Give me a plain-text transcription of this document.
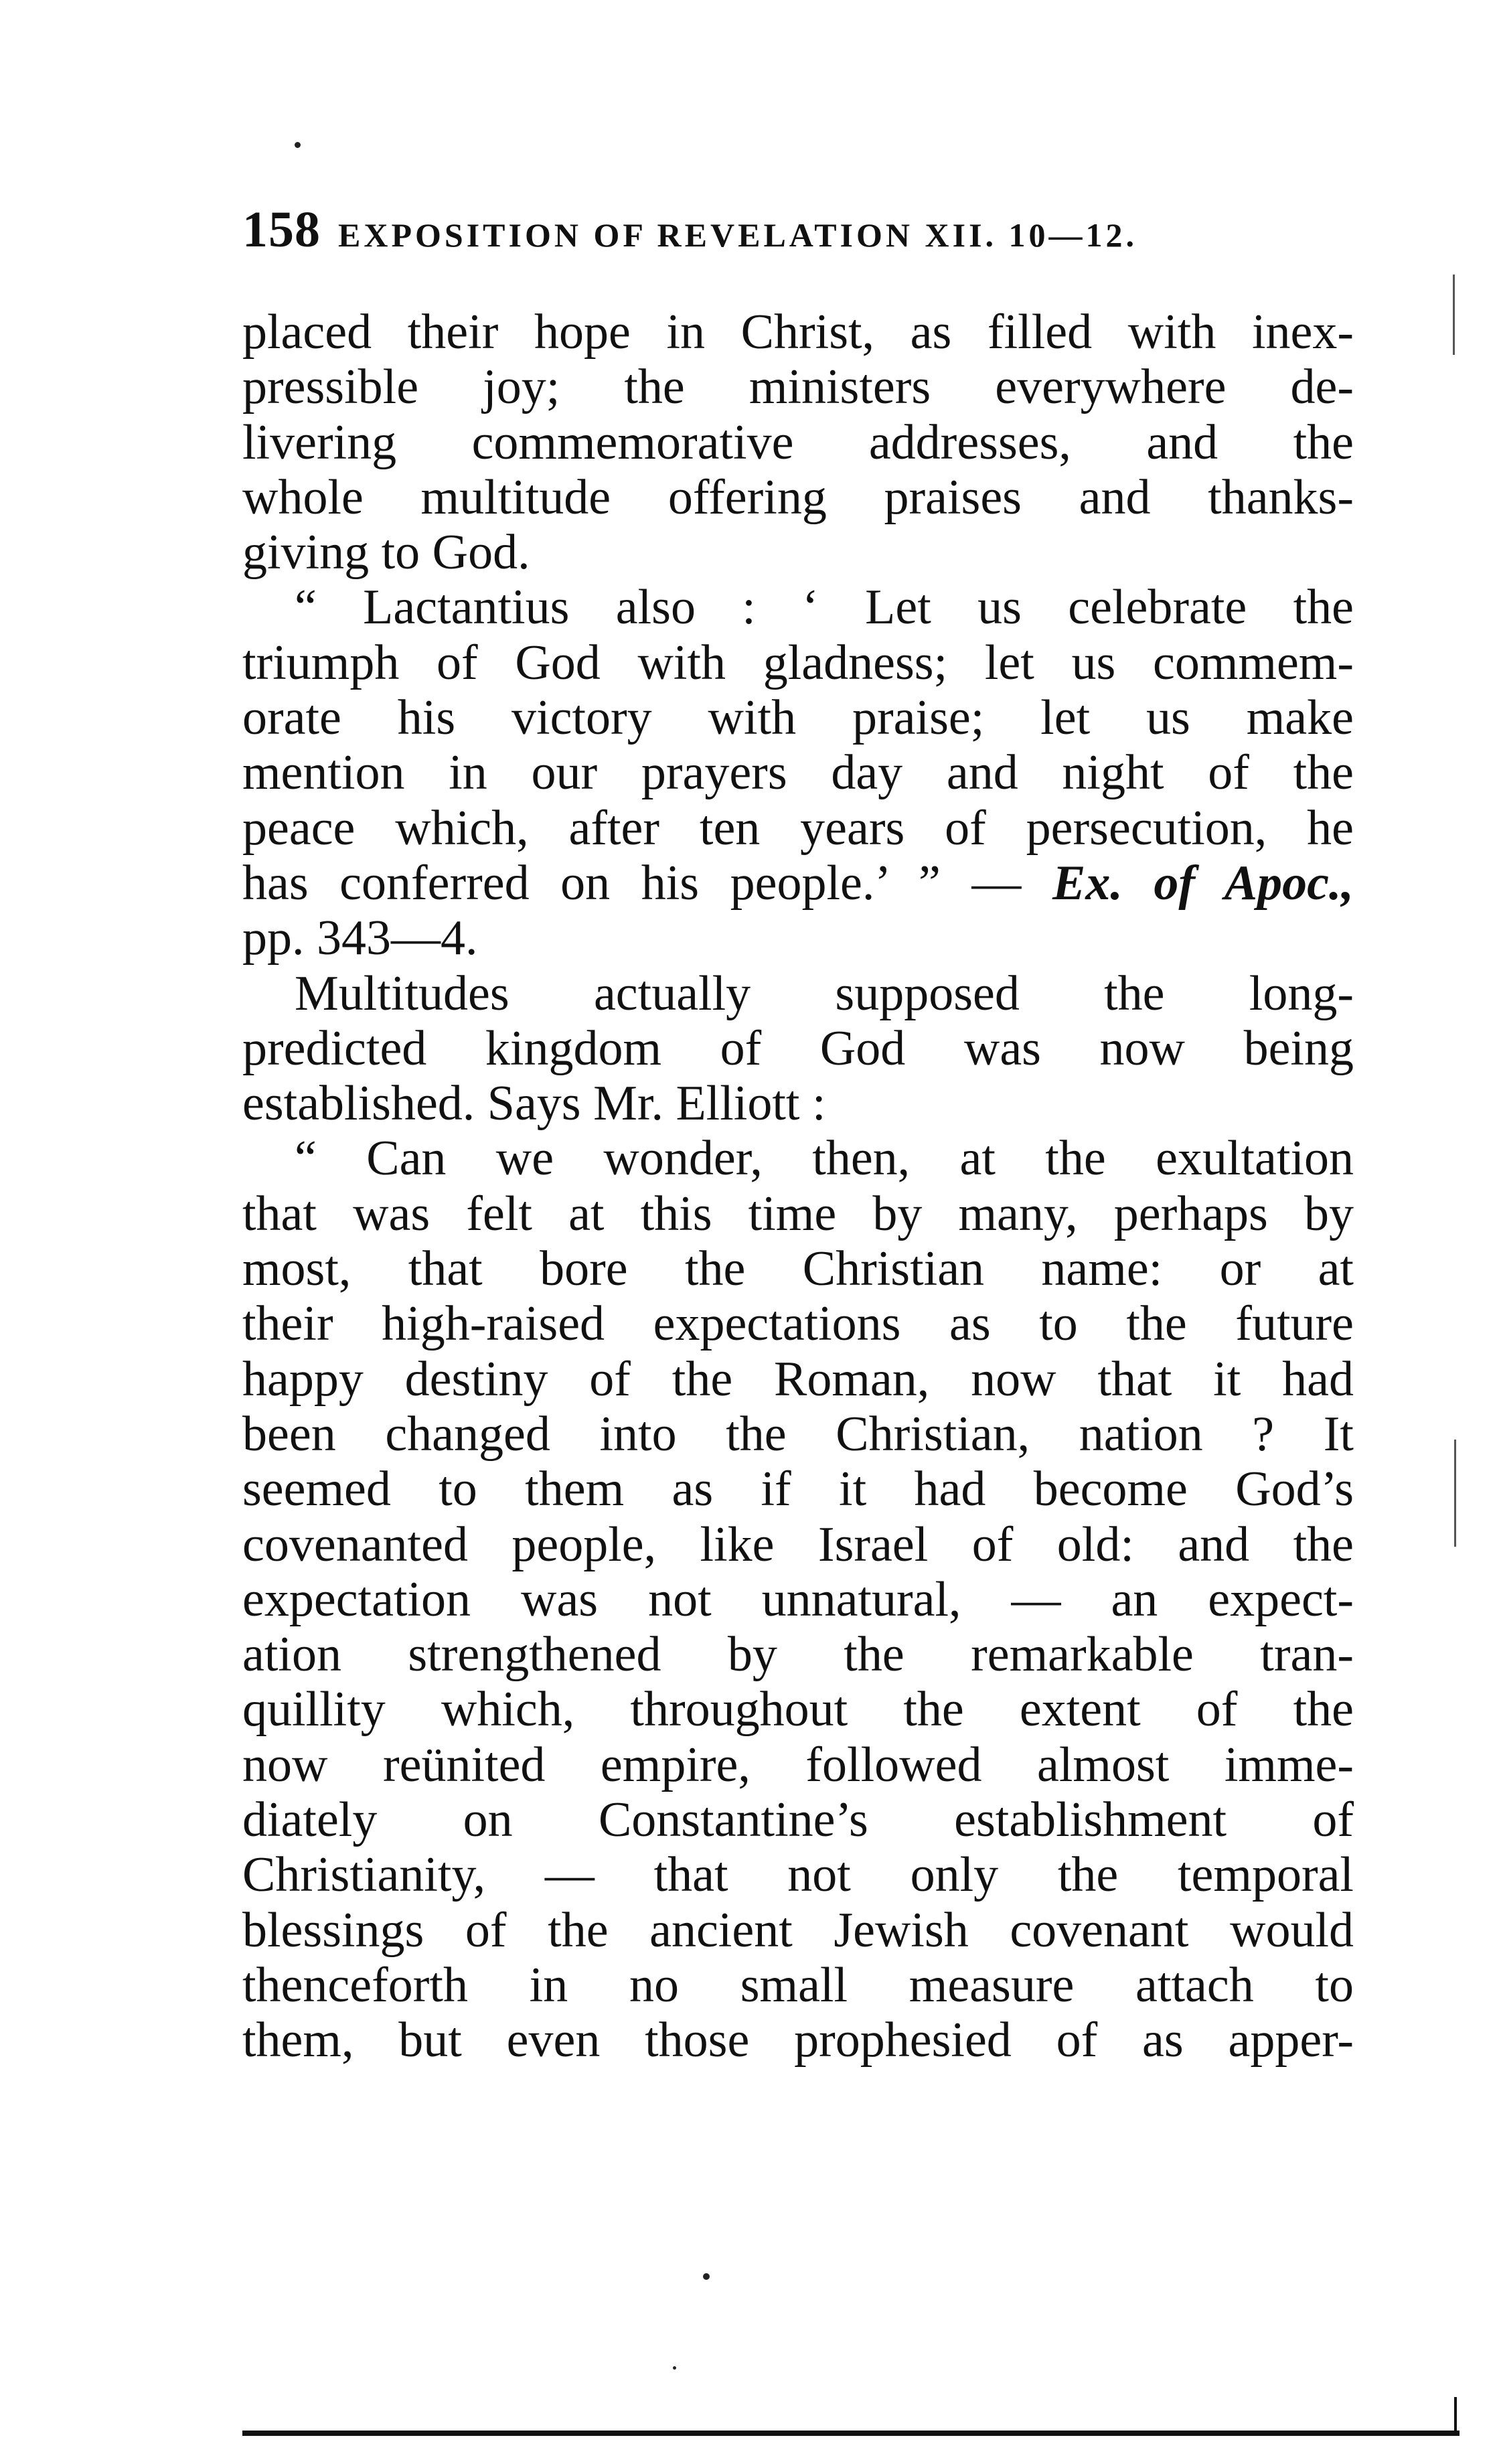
158 EXPOSITION OF REVELATION XII. 10—12.
placed their hope in Christ, as filled with inex-
pressible joy; the ministers everywhere de-
livering commemorative addresses, and the
whole multitude offering praises and thanks-
giving to God.
“ Lactantius also : ‘ Let us celebrate the
triumph of God with gladness; let us commem-
orate his victory with praise; let us make
mention in our prayers day and night of the
peace which, after ten years of persecution, he
has conferred on his people.’ ” — Ex. of Apoc.,
pp. 343—4.
Multitudes actually supposed the long-
predicted kingdom of God was now being
established. Says Mr. Elliott :
“ Can we wonder, then, at the exultation
that was felt at this time by many, perhaps by
most, that bore the Christian name: or at
their high-raised expectations as to the future
happy destiny of the Roman, now that it had
been changed into the Christian, nation ? It
seemed to them as if it had become God’s
covenanted people, like Israel of old: and the
expectation was not unnatural, — an expect-
ation strengthened by the remarkable tran-
quillity which, throughout the extent of the
now reünited empire, followed almost imme-
diately on Constantine’s establishment of
Christianity, — that not only the temporal
blessings of the ancient Jewish covenant would
thenceforth in no small measure attach to
them, but even those prophesied of as apper-
